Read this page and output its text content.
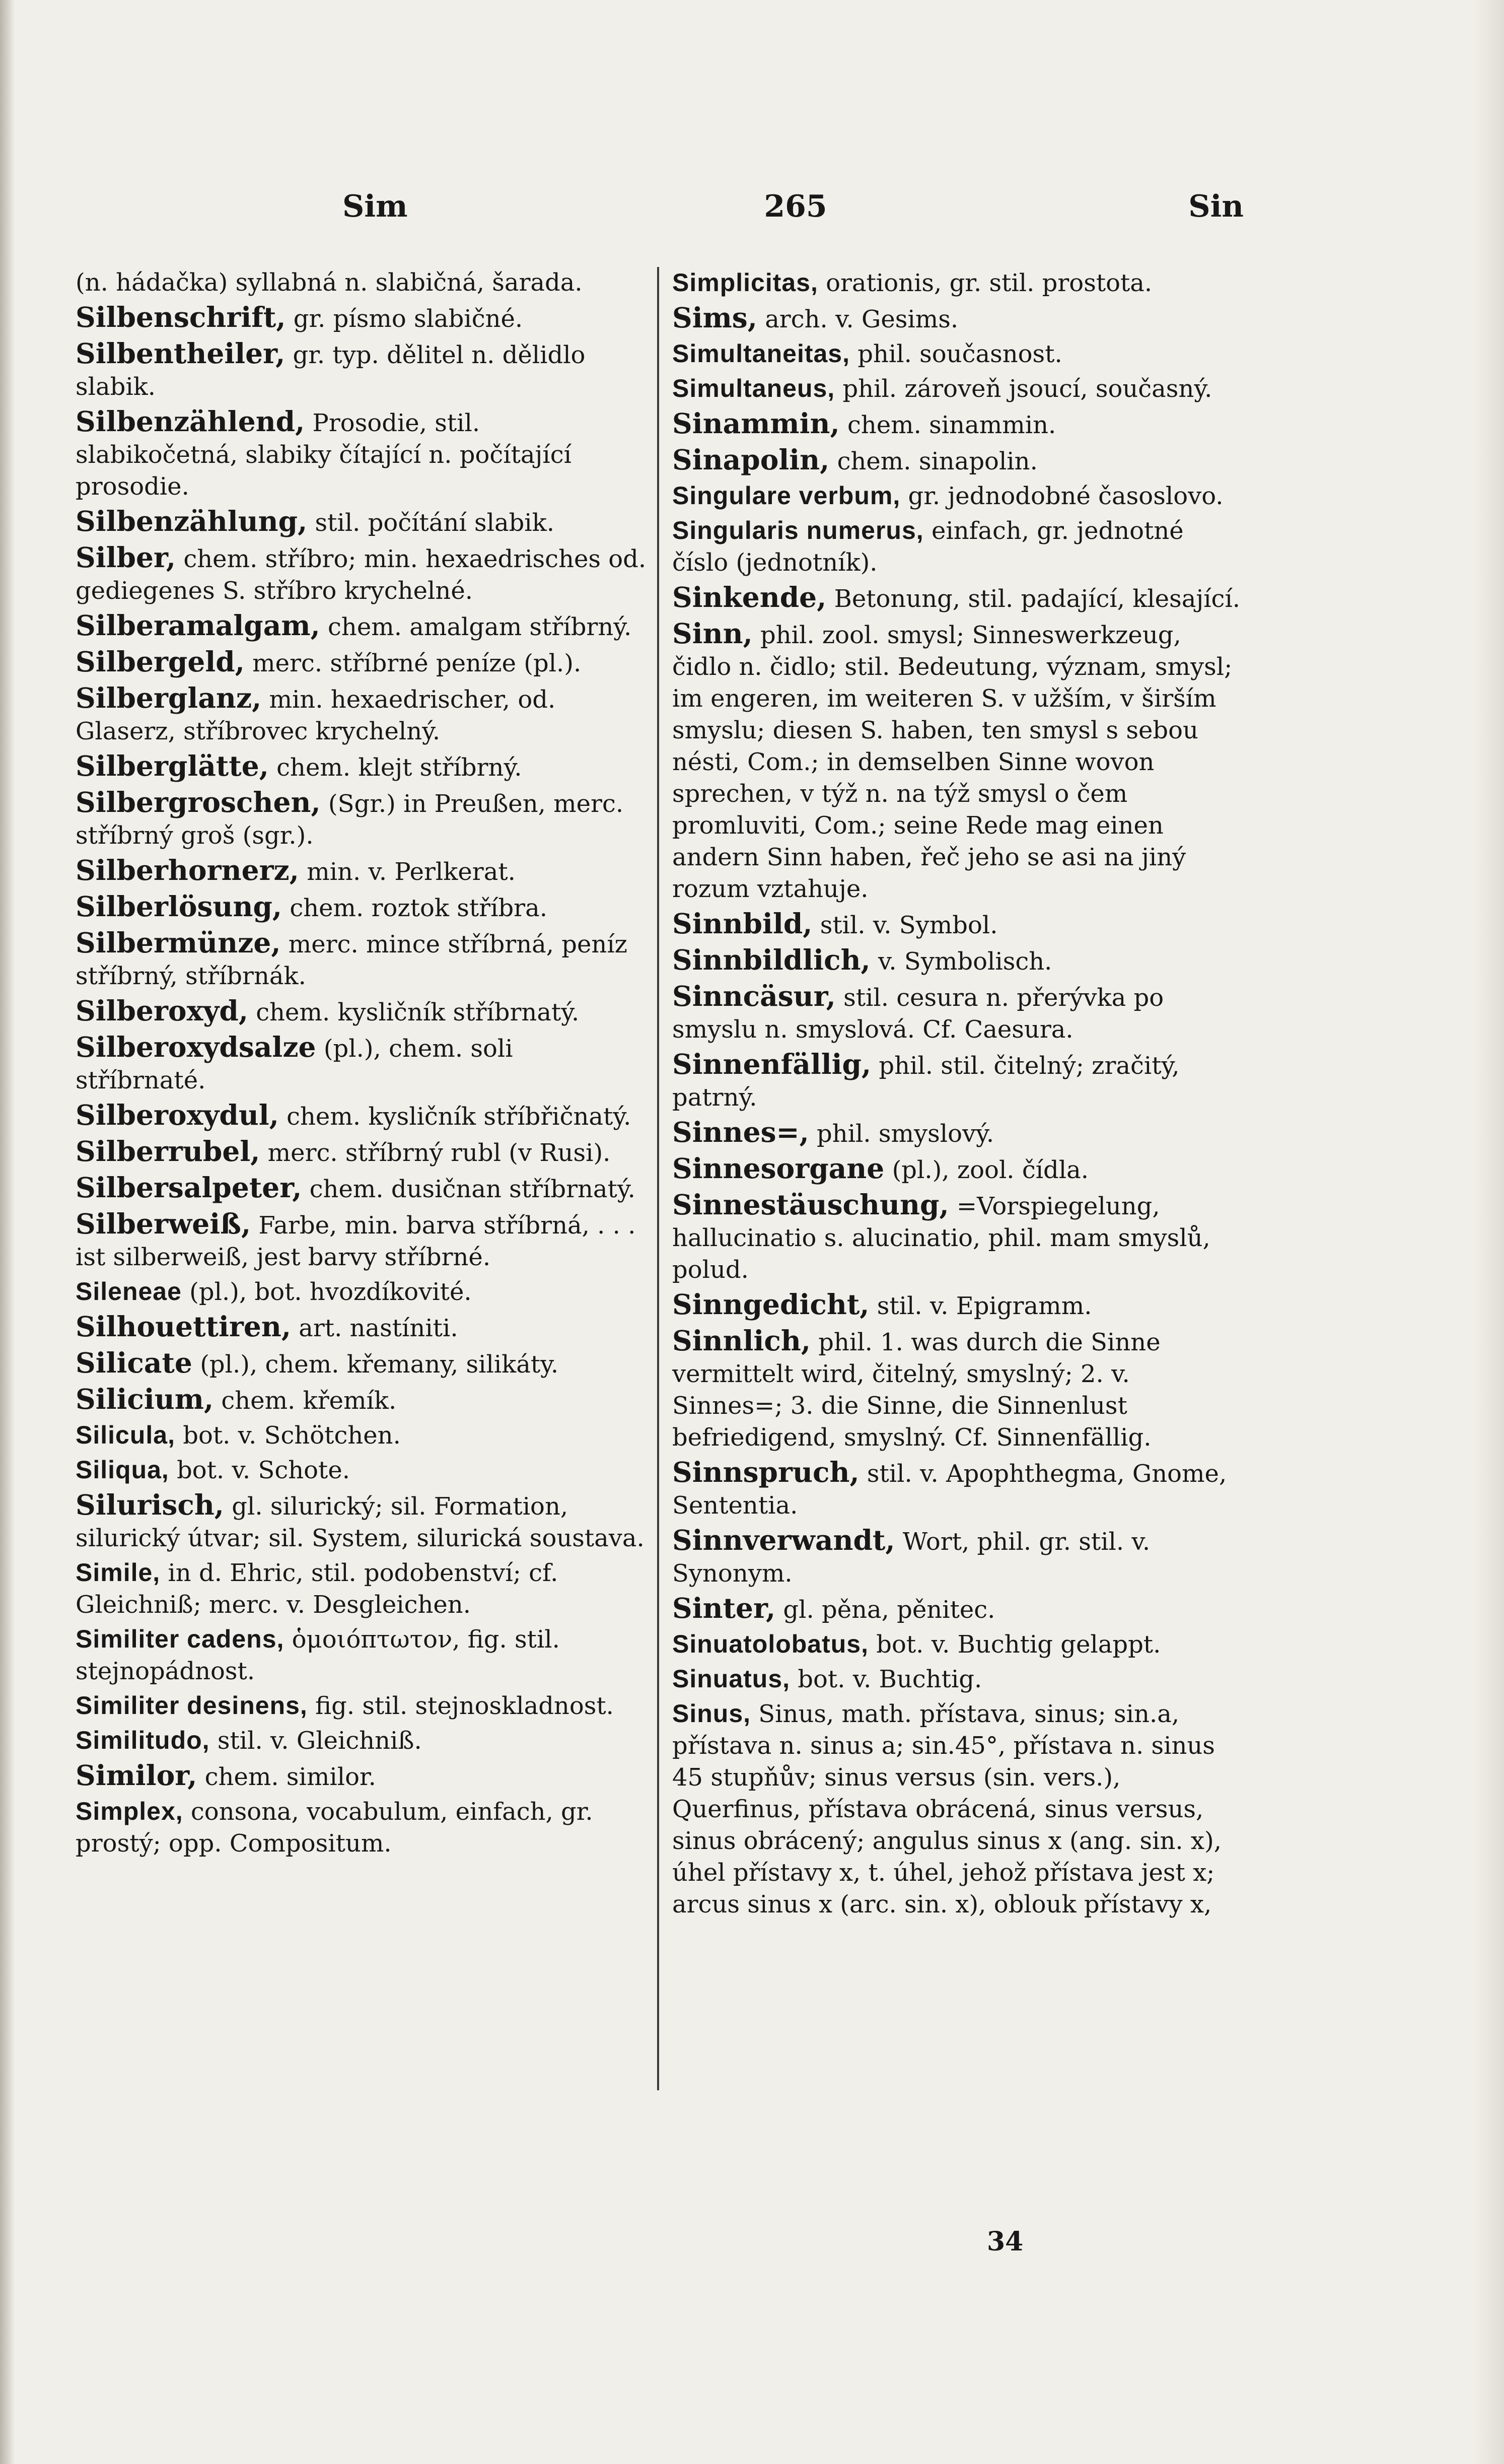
Sim	265	Sin

(n. hádačka) syllabná n. slabičná, šarada.

Silbenschrift, gr. písmo slabičné.

Silbentheiler, gr. typ. dělitel n. dělidlo slabik.

Silbenzählend, Prosodie, stil. slabikočetná, slabiky čítající n. počítající prosodie.

Silbenzählung, stil. počítání slabik.

Silber, chem. stříbro; min. hexaedrisches od. gediegenes S. stříbro krychelné.

Silberamalgam, chem. amalgam stříbrný.

Silbergeld, merc. stříbrné peníze (pl.).

Silberglanz, min. hexaedrischer, od. Glaserz, stříbrovec krychelný.

Silberglätte, chem. klejt stříbrný.

Silbergroschen, (Sgr.) in Preußen, merc. stříbrný groš (sgr.).

Silberhornerz, min. v. Perlkerat.

Silberlösung, chem. roztok stříbra.

Silbermünze, merc. mince stříbrná, peníz stříbrný, stříbrnák.

Silberoxyd, chem. kysličník stříbrnatý.

Silberoxydsalze (pl.), chem. soli stříbrnaté.

Silberoxydul, chem. kysličník stříbřičnatý.

Silberrubel, merc. stříbrný rubl (v Rusi).

Silbersalpeter, chem. dusičnan stříbrnatý.

Silberweiß, Farbe, min. barva stříbrná, . . . ist silberweiß, jest barvy stříbrné.

Sileneae (pl.), bot. hvozdíkovité.

Silhouettiren, art. nastíniti.

Silicate (pl.), chem. křemany, silikáty.

Silicium, chem. křemík.

Silicula, bot. v. Schötchen.

Siliqua, bot. v. Schote.

Silurisch, gl. silurický; sil. Formation, silurický útvar; sil. System, silurická soustava.

Simile, in d. Ehric, stil. podobenství; cf. Gleichniß; merc. v. Desgleichen.

Similiter cadens, ὁμοιόπτωτον, fig. stil. stejnopádnost.

Similiter desinens, fig. stil. stejnoskladnost.

Similitudo, stil. v. Gleichniß.

Similor, chem. similor.

Simplex, consona, vocabulum, einfach, gr. prostý; opp. Compositum.

Simplicitas, orationis, gr. stil. prostota.

Sims, arch. v. Gesims.

Simultaneitas, phil. současnost.

Simultaneus, phil. zároveň jsoucí, současný.

Sinammin, chem. sinammin.

Sinapolin, chem. sinapolin.

Singulare verbum, gr. jednodobné časoslovo.

Singularis numerus, einfach, gr. jednotné číslo (jednotník).

Sinkende, Betonung, stil. padající, klesající.

Sinn, phil. zool. smysl; Sinneswerkzeug, čidlo n. čidlo; stil. Bedeutung, význam, smysl; im engeren, im weiteren S. v užším, v širším smyslu; diesen S. haben, ten smysl s sebou nésti, Com.; in demselben Sinne wovon sprechen, v týž n. na týž smysl o čem promluviti, Com.; seine Rede mag einen andern Sinn haben, řeč jeho se asi na jiný rozum vztahuje.

Sinnbild, stil. v. Symbol.

Sinnbildlich, v. Symbolisch.

Sinncäsur, stil. cesura n. přerývka po smyslu n. smyslová. Cf. Caesura.

Sinnenfällig, phil. stil. čitelný; zračitý, patrný.

Sinnes=, phil. smyslový.

Sinnesorgane (pl.), zool. čídla.

Sinnestäuschung, =Vorspiegelung, hallucinatio s. alucinatio, phil. mam smyslů, polud.

Sinngedicht, stil. v. Epigramm.

Sinnlich, phil. 1. was durch die Sinne vermittelt wird, čitelný, smyslný; 2. v. Sinnes=; 3. die Sinne, die Sinnenlust befriedigend, smyslný. Cf. Sinnenfällig.

Sinnspruch, stil. v. Apophthegma, Gnome, Sententia.

Sinnverwandt, Wort, phil. gr. stil. v. Synonym.

Sinter, gl. pěna, pěnitec.

Sinuatolobatus, bot. v. Buchtig gelappt.

Sinuatus, bot. v. Buchtig.

Sinus, Sinus, math. přístava, sinus; sin.a, přístava n. sinus a; sin.45°, přístava n. sinus 45 stupňův; sinus versus (sin. vers.), Querfinus, přístava obrácená, sinus versus, sinus obrácený; angulus sinus x (ang. sin. x), úhel přístavy x, t. úhel, jehož přístava jest x; arcus sinus x (arc. sin. x), oblouk přístavy x,

34
